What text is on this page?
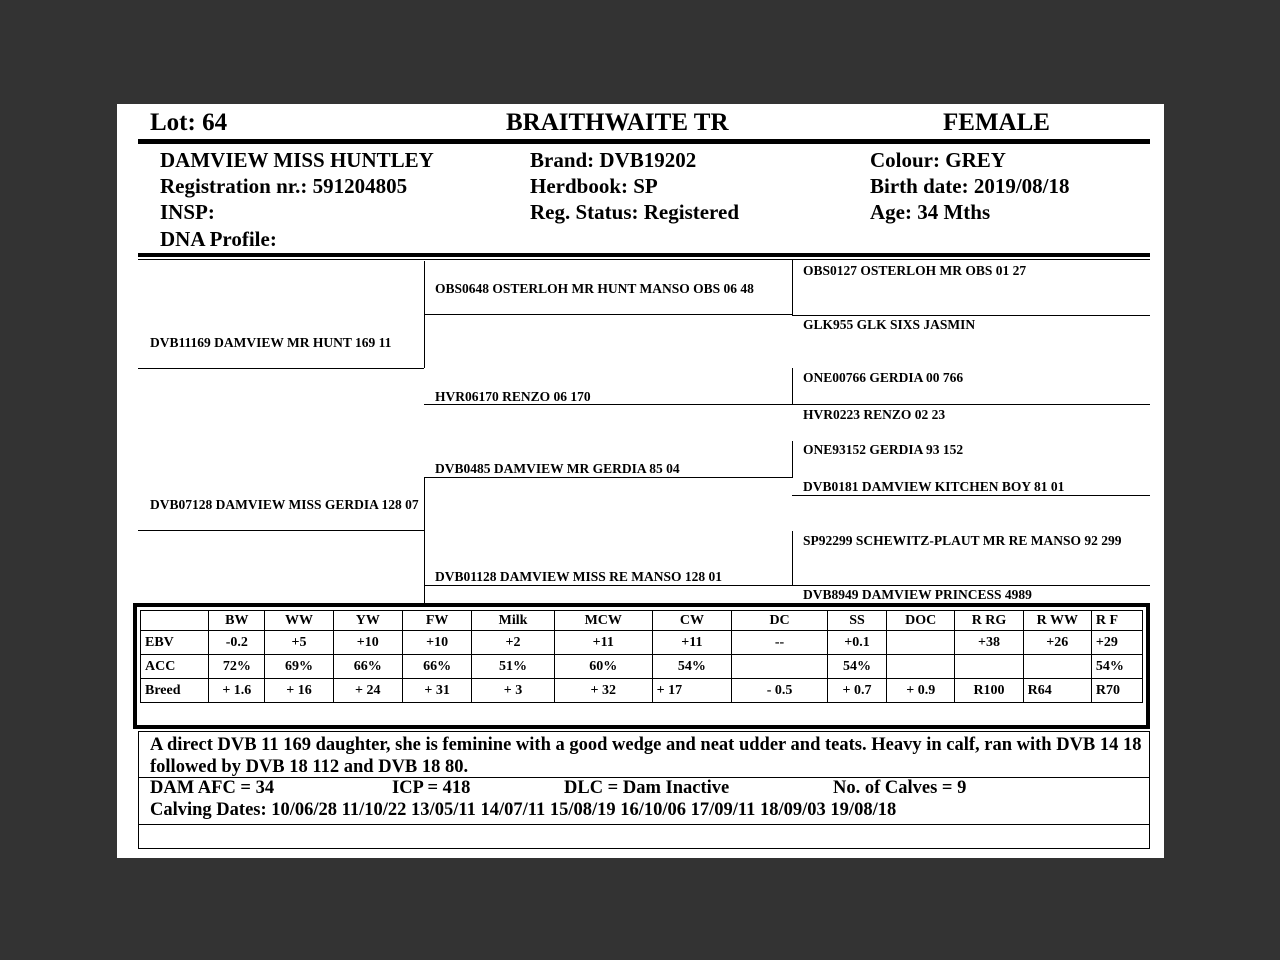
Lot: 64	BRAITHWAITE TR	FEMALE
DAMVIEW MISS HUNTLEY
Registration nr.: 591204805
INSP:
DNA Profile:
Brand: DVB19202
Herdbook: SP
Reg. Status: Registered
Colour: GREY
Birth date: 2019/08/18
Age: 34 Mths
DVB11169 DAMVIEW MR HUNT 169 11
DVB07128 DAMVIEW MISS GERDIA 128 07
OBS0648 OSTERLOH MR HUNT MANSO OBS 06 48
HVR06170 RENZO 06 170
DVB0485 DAMVIEW MR GERDIA 85 04
DVB01128 DAMVIEW MISS RE MANSO 128 01
OBS0127 OSTERLOH MR OBS 01 27
GLK955 GLK SIXS JASMIN
ONE00766 GERDIA 00 766
HVR0223 RENZO 02 23
ONE93152 GERDIA 93 152
DVB0181 DAMVIEW KITCHEN BOY 81 01
SP92299 SCHEWITZ-PLAUT MR RE MANSO 92 299
DVB8949 DAMVIEW PRINCESS 4989
	BW	WW	YW	FW	Milk	MCW	CW	DC	SS	DOC	R RG	R WW	R F
EBV	-0.2	+5	+10	+10	+2	+11	+11	--	+0.1		+38	+26	+29
ACC	72%	69%	66%	66%	51%	60%	54%		54%				54%
Breed	+ 1.6	+ 16	+ 24	+ 31	+ 3	+ 32	+ 17	- 0.5	+ 0.7	+ 0.9	R100	R64	R70
A direct DVB 11 169 daughter, she is feminine with a good wedge and neat udder and teats. Heavy in calf, ran with DVB 14 18 followed by DVB 18 112 and DVB 18 80.
DAM AFC = 34	ICP = 418	DLC = Dam Inactive	No. of Calves = 9
Calving Dates: 10/06/28 11/10/22 13/05/11 14/07/11 15/08/19 16/10/06 17/09/11 18/09/03 19/08/18
